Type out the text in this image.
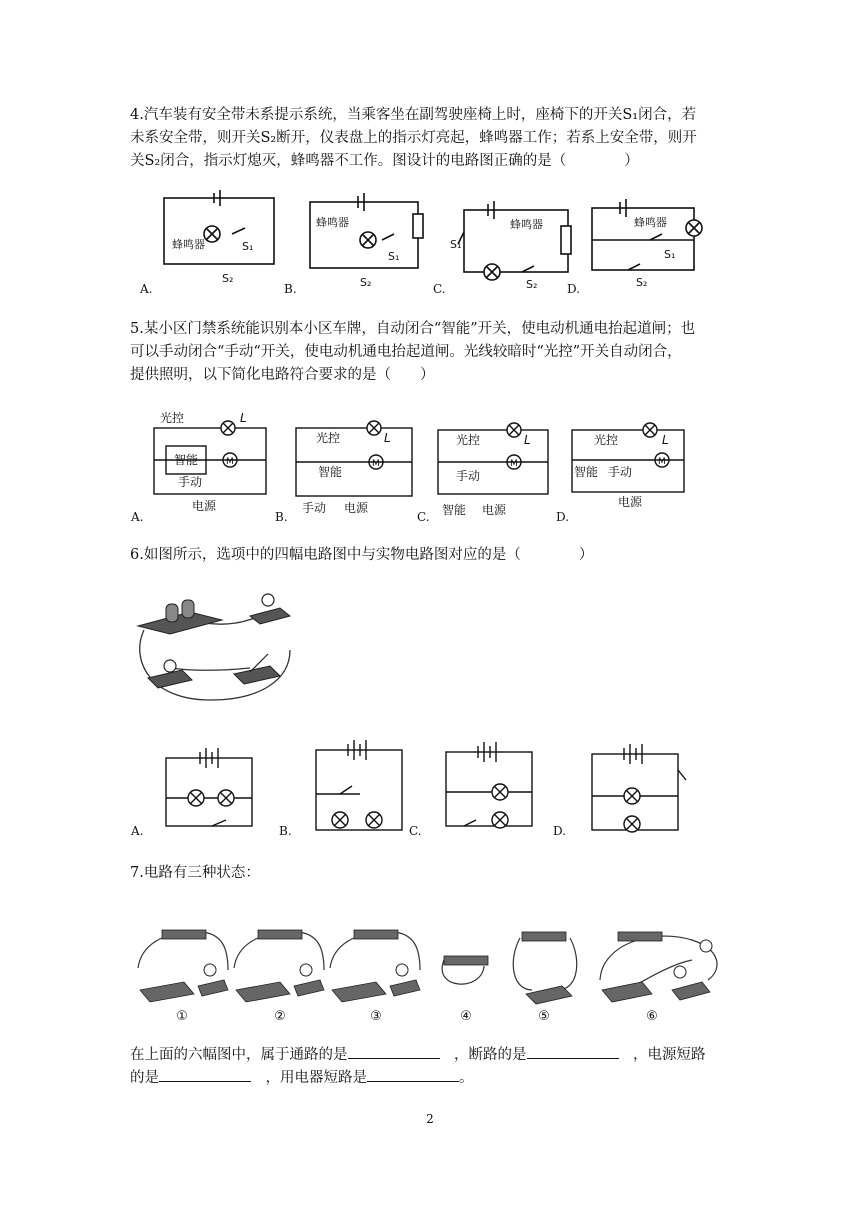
4.汽车装有安全带未系提示系统，当乘客坐在副驾驶座椅上时，座椅下的开关S₁闭合，若
未系安全带，则开关S₂断开，仪表盘上的指示灯亮起，蜂鸣器工作；若系上安全带，则开
关S₂闭合，指示灯熄灭，蜂鸣器不工作。图设计的电路图正确的是（　　　　）
蜂鸣器
蜂鸣器	蜂鸣器	蜂鸣器
S₁
S₁
S₁
S₁
S₂	S₂	S₂	S₂
A.	B.	C.	D.
5.某小区门禁系统能识别本小区车牌，自动闭合“智能”开关，使电动机通电抬起道闸；也
可以手动闭合“手动“开关，使电动机通电抬起道闸。光线较暗时“光控”开关自动闭合，
提供照明，以下简化电路符合要求的是（　　）
光控
智能
手动
电源
L
M
光控
智能
手动 电源
L
M
光控
手动
智能 电源
L
M
光控
智能 手动
电源
L
M
A.	B.	C.	D.
6.如图所示，选项中的四幅电路图中与实物电路图对应的是（　　　　）
A.	B.	C.	D.
7.电路有三种状态：
①	②	③	④	⑤	⑥
在上面的六幅图中，属于通路的是　	，断路的是　	，电源短路
的是　	，用电器短路是	。
2
